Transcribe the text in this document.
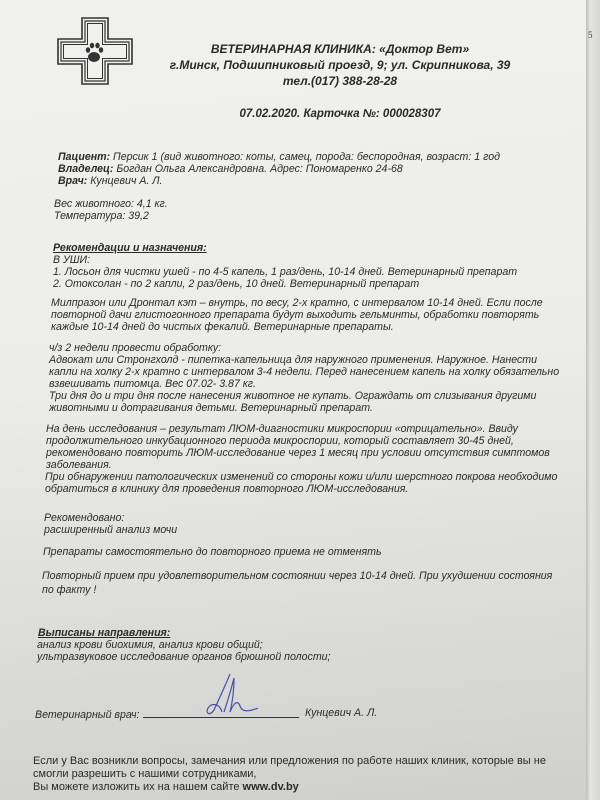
5
ВЕТЕРИНАРНАЯ КЛИНИКА: «Доктор Вет»
г.Минск, Подшипниковый проезд, 9; ул. Скрипникова, 39
тел.(017) 388-28-28
07.02.2020. Карточка №: 000028307
Пациент: Персик 1 (вид животного: коты, самец, порода: беспородная, возраст: 1 год
Владелец: Богдан Ольга Александровна. Адрес: Пономаренко 24-68
Врач: Кунцевич А. Л.
Вес животного: 4,1 кг.
Температура: 39,2
Рекомендации и назначения:
В УШИ:
1. Лосьон для чистки ушей - по 4-5 капель, 1 раз/день, 10-14 дней. Ветеринарный препарат
2. Отоксолан - по 2 капли, 2 раз/день, 10 дней. Ветеринарный препарат
Милпразон или Дронтал кэт – внутрь, по весу, 2-х кратно, с интервалом 10-14 дней. Если после
повторной дачи глистогонного препарата будут выходить гельминты, обработки повторять
каждые 10-14 дней до чистых фекалий. Ветеринарные препараты.
ч/з 2 недели провести обработку:
Адвокат или Стронгхолд - пипетка-капельница для наружного применения. Наружное. Нанести
капли на холку 2-х кратно с интервалом 3-4 недели. Перед нанесением капель на холку обязательно
взвешивать питомца. Вес 07.02- 3.87 кг.
Три дня до и три дня после нанесения животное не купать. Ограждать от слизывания другими
животными и дотрагивания детьми. Ветеринарный препарат.
На день исследования – результат ЛЮМ-диагностики микроспории «отрицательно». Ввиду
продолжительного инкубационного периода микроспории, который составляет 30-45 дней,
рекомендовано повторить ЛЮМ-исследование через 1 месяц при условии отсутствия симптомов
заболевания.
При обнаружении патологических изменений со стороны кожи и/или шерстного покрова необходимо
обратиться в клинику для проведения повторного ЛЮМ-исследования.
Рекомендовано:
расширенный анализ мочи
Препараты самостоятельно до повторного приема не отменять
Повторный прием при удовлетворительном состоянии через 10-14 дней. При ухудшении состояния
по факту !
Выписаны направления:
анализ крови биохимия, анализ крови общий;
ультразвуковое исследование органов брюшной полости;
Ветеринарный врач:	Кунцевич А. Л.
Если у Вас возникли вопросы, замечания или предложения по работе наших клиник, которые вы не
смогли разрешить с нашими сотрудниками,
Вы можете изложить их на нашем сайте www.dv.by
